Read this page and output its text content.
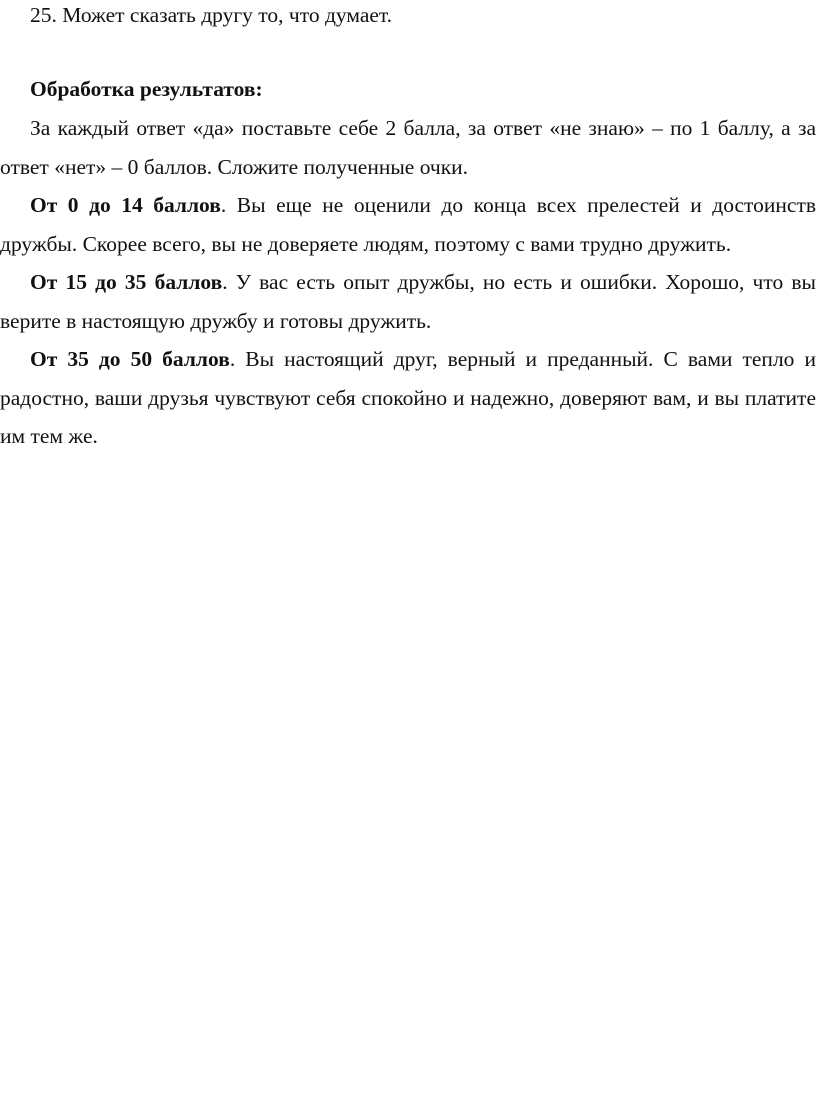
25. Может сказать другу то, что думает.
Обработка результатов:

За каждый ответ «да» поставьте себе 2 балла, за ответ «не знаю» – по 1 баллу, а за ответ «нет» – 0 баллов. Сложите полученные очки.

От 0 до 14 баллов. Вы еще не оценили до конца всех прелестей и достоинств дружбы. Скорее всего, вы не доверяете людям, поэтому с вами трудно дружить.

От 15 до 35 баллов. У вас есть опыт дружбы, но есть и ошибки. Хорошо, что вы верите в настоящую дружбу и готовы дружить.

От 35 до 50 баллов. Вы настоящий друг, верный и преданный. С вами тепло и радостно, ваши друзья чувствуют себя спокойно и надежно, доверяют вам, и вы платите им тем же.
